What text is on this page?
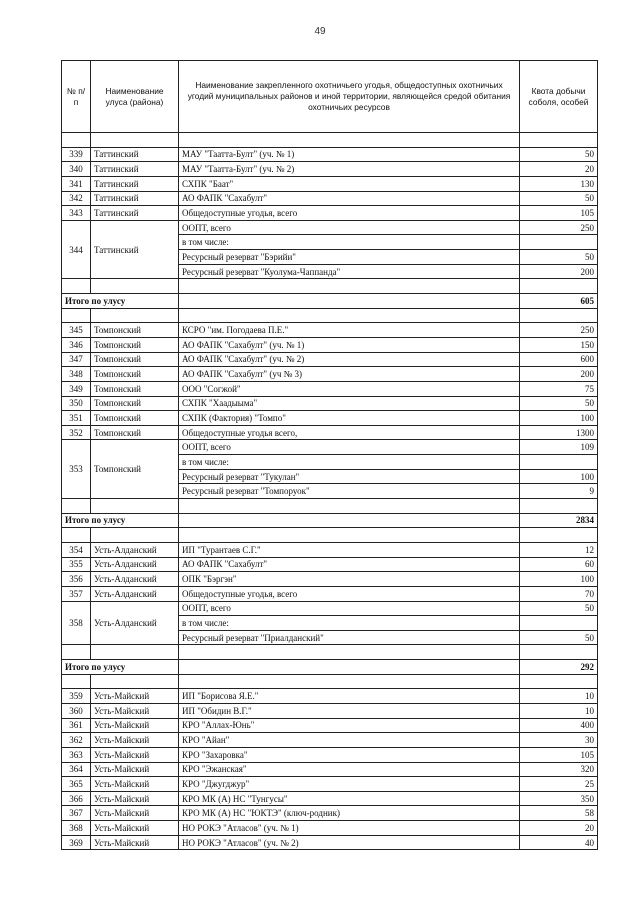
49
№ п/п	Наименование улуса (района)	Наименование закрепленного охотничьего угодья, общедоступных охотничьих угодий муниципальных районов и иной территории, являющейся средой обитания охотничьих ресурсов	Квота добычи соболя, особей

339	Таттинский	МАУ "Таатта-Булт" (уч. № 1)	50
340	Таттинский	МАУ "Таатта-Булт" (уч. № 2)	20
341	Таттинский	СХПК "Баат"	130
342	Таттинский	АО ФАПК "Сахабулт"	50
343	Таттинский	Общедоступные угодья, всего	105
344	Таттинский	ООПТ, всего	250
		в том числе:	
		Ресурсный резерват "Бэрийи"	50
		Ресурсный резерват "Куолума-Чаппанда"	200

Итого по улусу			605

345	Томпонский	КСРО "им. Погодаева П.Е."	250
346	Томпонский	АО ФАПК "Сахабулт" (уч. № 1)	150
347	Томпонский	АО ФАПК "Сахабулт" (уч. № 2)	600
348	Томпонский	АО ФАПК "Сахабулт" (уч № 3)	200
349	Томпонский	ООО "Согжой"	75
350	Томпонский	СХПК "Хаадыыма"	50
351	Томпонский	СХПК (Фактория) "Томпо"	100
352	Томпонский	Общедоступные угодья всего,	1300
353	Томпонский	ООПТ, всего	109
		в том числе:	
		Ресурсный резерват "Тукулан"	100
		Ресурсный резерват "Томпоруок"	9

Итого по улусу			2834

354	Усть-Алданский	ИП "Турантаев С.Г."	12
355	Усть-Алданский	АО ФАПК "Сахабулт"	60
356	Усть-Алданский	ОПК "Бэргэн"	100
357	Усть-Алданский	Общедоступные угодья, всего	70
358	Усть-Алданский	ООПТ, всего	50
		в том числе:	
		Ресурсный резерват "Приалданский"	50

Итого по улусу			292

359	Усть-Майский	ИП "Борисова Я.Е."	10
360	Усть-Майский	ИП "Обидин В.Г."	10
361	Усть-Майский	КРО "Аллах-Юнь"	400
362	Усть-Майский	КРО "Айан"	30
363	Усть-Майский	КРО "Захаровка"	105
364	Усть-Майский	КРО "Эжанская"	320
365	Усть-Майский	КРО "Джугджур"	25
366	Усть-Майский	КРО МК (А) НС "Тунгусы"	350
367	Усть-Майский	КРО МК (А) НС "ЮКТЭ" (ключ-родник)	58
368	Усть-Майский	НО РОКЭ "Атласов" (уч. № 1)	20
369	Усть-Майский	НО РОКЭ "Атласов" (уч. № 2)	40
